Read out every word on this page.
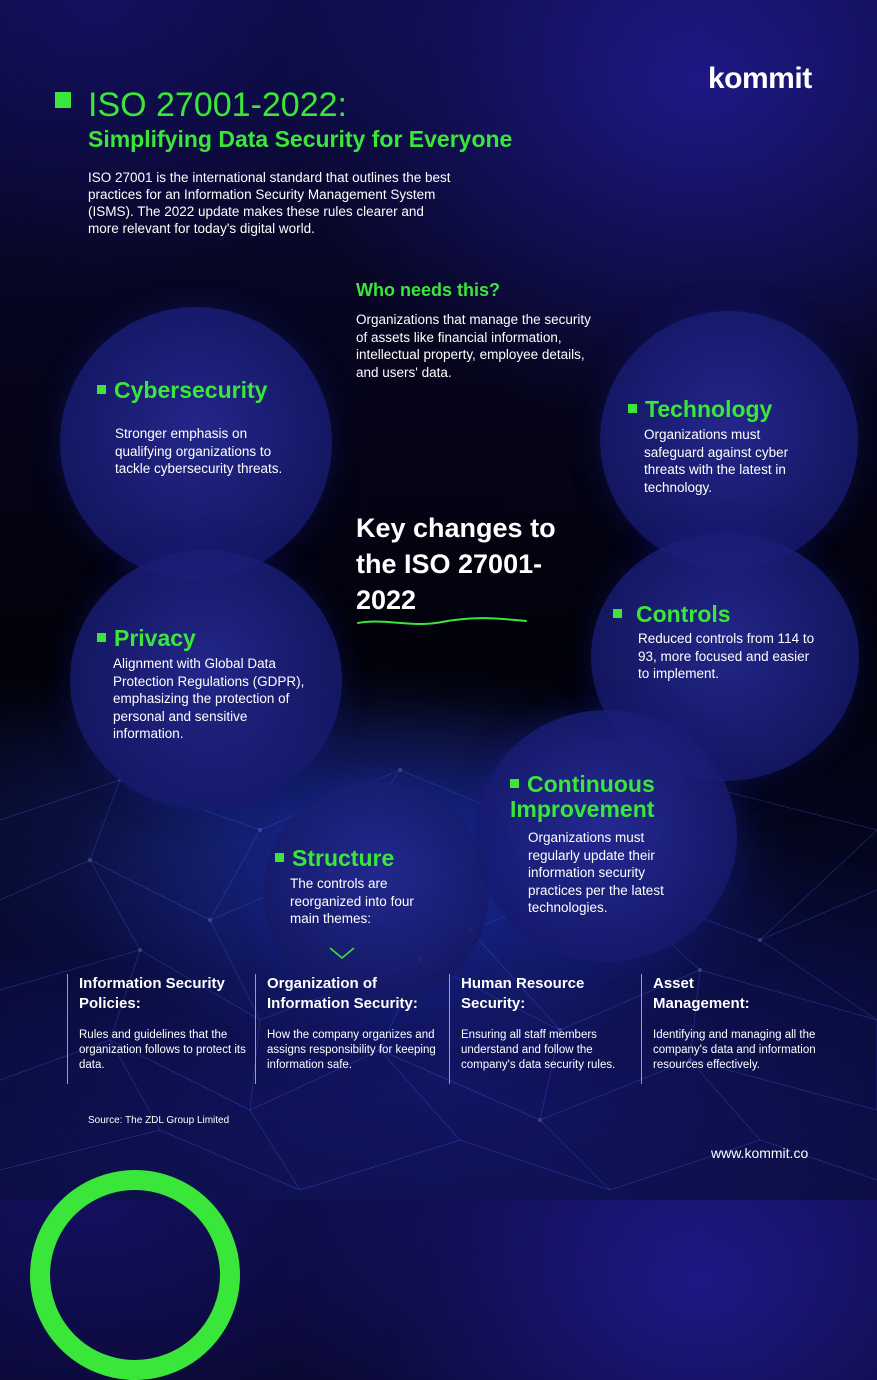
kommit
ISO 27001-2022:
Simplifying Data Security for Everyone

ISO 27001 is the international standard that outlines the best practices for an Information Security Management System (ISMS). The 2022 update makes these rules clearer and more relevant for today's digital world.

Who needs this?
Organizations that manage the security of assets like financial information, intellectual property, employee details, and users' data.
Cybersecurity
Stronger emphasis on qualifying organizations to tackle cybersecurity threats.
Technology
Organizations must safeguard against cyber threats with the latest in technology.
Key changes to the ISO 27001-2022	Controls
Reduced controls from 114 to 93, more focused and easier to implement.
Privacy
Alignment with Global Data Protection Regulations (GDPR), emphasizing the protection of personal and sensitive information.
Continuous Improvement
Organizations must regularly update their information security practices per the latest technologies.
Structure
The controls are reorganized into four main themes:
Information Security Policies:
Rules and guidelines that the organization follows to protect its data.
Organization of Information Security:
How the company organizes and assigns responsibility for keeping information safe.
Human Resource Security:
Ensuring all staff members understand and follow the company's data security rules.
Asset Management:
Identifying and managing all the company's data and information resources effectively.
Source: The ZDL Group Limited
www.kommit.co
